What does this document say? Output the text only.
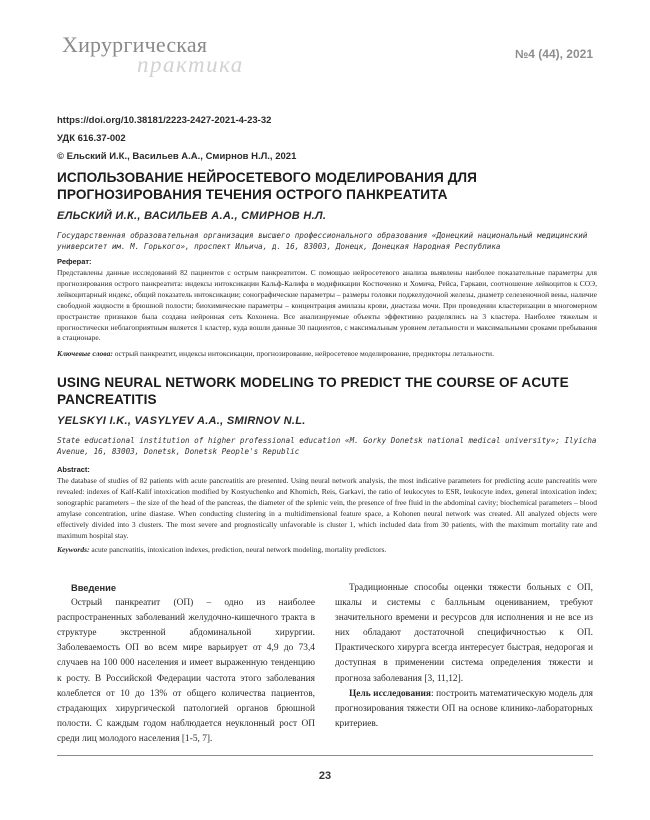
практика
Хирургическая	№4 (44), 2021
https://doi.org/10.38181/2223-2427-2021-4-23-32
УДК 616.37-002
© Ельский И.К., Васильев А.А., Смирнов Н.Л., 2021
ИСПОЛЬЗОВАНИЕ НЕЙРОСЕТЕВОГО МОДЕЛИРОВАНИЯ ДЛЯ ПРОГНОЗИРОВАНИЯ ТЕЧЕНИЯ ОСТРОГО ПАНКРЕАТИТА
ЕЛЬСКИЙ И.К., ВАСИЛЬЕВ А.А., СМИРНОВ Н.Л.
Государственная образовательная организация высшего профессионального образования «Донецкий национальный медицинский университет им. М. Горького», проспект Ильича, д. 16, 83003, Донецк, Донецкая Народная Республика
Реферат:
Представлены данные исследований 82 пациентов с острым панкреатитом. С помощью нейросетевого анализа выявлены наиболее показательные параметры для прогнозирования острого панкреатита: индексы интоксикации Кальф-Калифа в модификации Костюченко и Хомича, Рейса, Гаркави, соотношение лейкоцитов к СОЭ, лейкоцитарный индекс, общий показатель интоксикации; сонографические параметры – размеры головки поджелудочной железы, диаметр селезеночной вены, наличие свободной жидкости в брюшной полости; биохимические параметры – концентрация амилазы крови, диастазы мочи. При проведении кластеризации в многомерном пространстве признаков была создана нейронная сеть Кохонена. Все анализируемые объекты эффективно разделялись на 3 кластера. Наиболее тяжелым и прогностически неблагоприятным является 1 кластер, куда вошли данные 30 пациентов, с максимальным уровнем летальности и максимальными сроками пребывания в стационаре.
Ключевые слова: острый панкреатит, индексы интоксикации, прогнозирование, нейросетевое моделирование, предикторы летальности.
USING NEURAL NETWORK MODELING TO PREDICT THE COURSE OF ACUTE PANCREATITIS
YELSKYI I.K., VASYLYEV A.A., SMIRNOV N.L.
State educational institution of higher professional education «M. Gorky Donetsk national medical university»; Ilyicha Avenue, 16, 83003, Donetsk, Donetsk People's Republic
Abstract:
The database of studies of 82 patients with acute pancreatitis are presented. Using neural network analysis, the most indicative parameters for predicting acute pancreatitis were revealed: indexes of Kalf-Kalif intoxication modified by Kostyuchenko and Khomich, Reis, Garkavi, the ratio of leukocytes to ESR, leukocyte index, general intoxication index; sonographic parameters – the size of the head of the pancreas, the diameter of the splenic vein, the presence of free fluid in the abdominal cavity; biochemical parameters – blood amylase concentration, urine diastase. When conducting clustering in a multidimensional feature space, a Kohonen neural network was created. All analyzed objects were effectively divided into 3 clusters. The most severe and prognostically unfavorable is cluster 1, which included data from 30 patients, with the maximum mortality rate and maximum hospital stay.
Keywords: acute pancreatitis, intoxication indexes, prediction, neural network modeling, mortality predictors.
Введение

Острый панкреатит (ОП) – одно из наиболее распространенных заболеваний желудочно-кишечного тракта в структуре экстренной абдоминальной хирургии. Заболеваемость ОП во всем мире варьирует от 4,9 до 73,4 случаев на 100 000 населения и имеет выраженную тенденцию к росту. В Российской Федерации частота этого заболевания колеблется от 10 до 13% от общего количества пациентов, страдающих хирургической патологией органов брюшной полости. С каждым годом наблюдается неуклонный рост ОП среди лиц молодого населения [1-5, 7].

Традиционные способы оценки тяжести больных с ОП, шкалы и системы с балльным оцениванием, требуют значительного времени и ресурсов для исполнения и не все из них обладают достаточной специфичностью к ОП. Практического хирурга всегда интересует быстрая, недорогая и доступная в применении система определения тяжести и прогноза заболевания [3, 11,12].

Цель исследования: построить математическую модель для прогнозирования тяжести ОП на основе клинико-лабораторных критериев.

23
